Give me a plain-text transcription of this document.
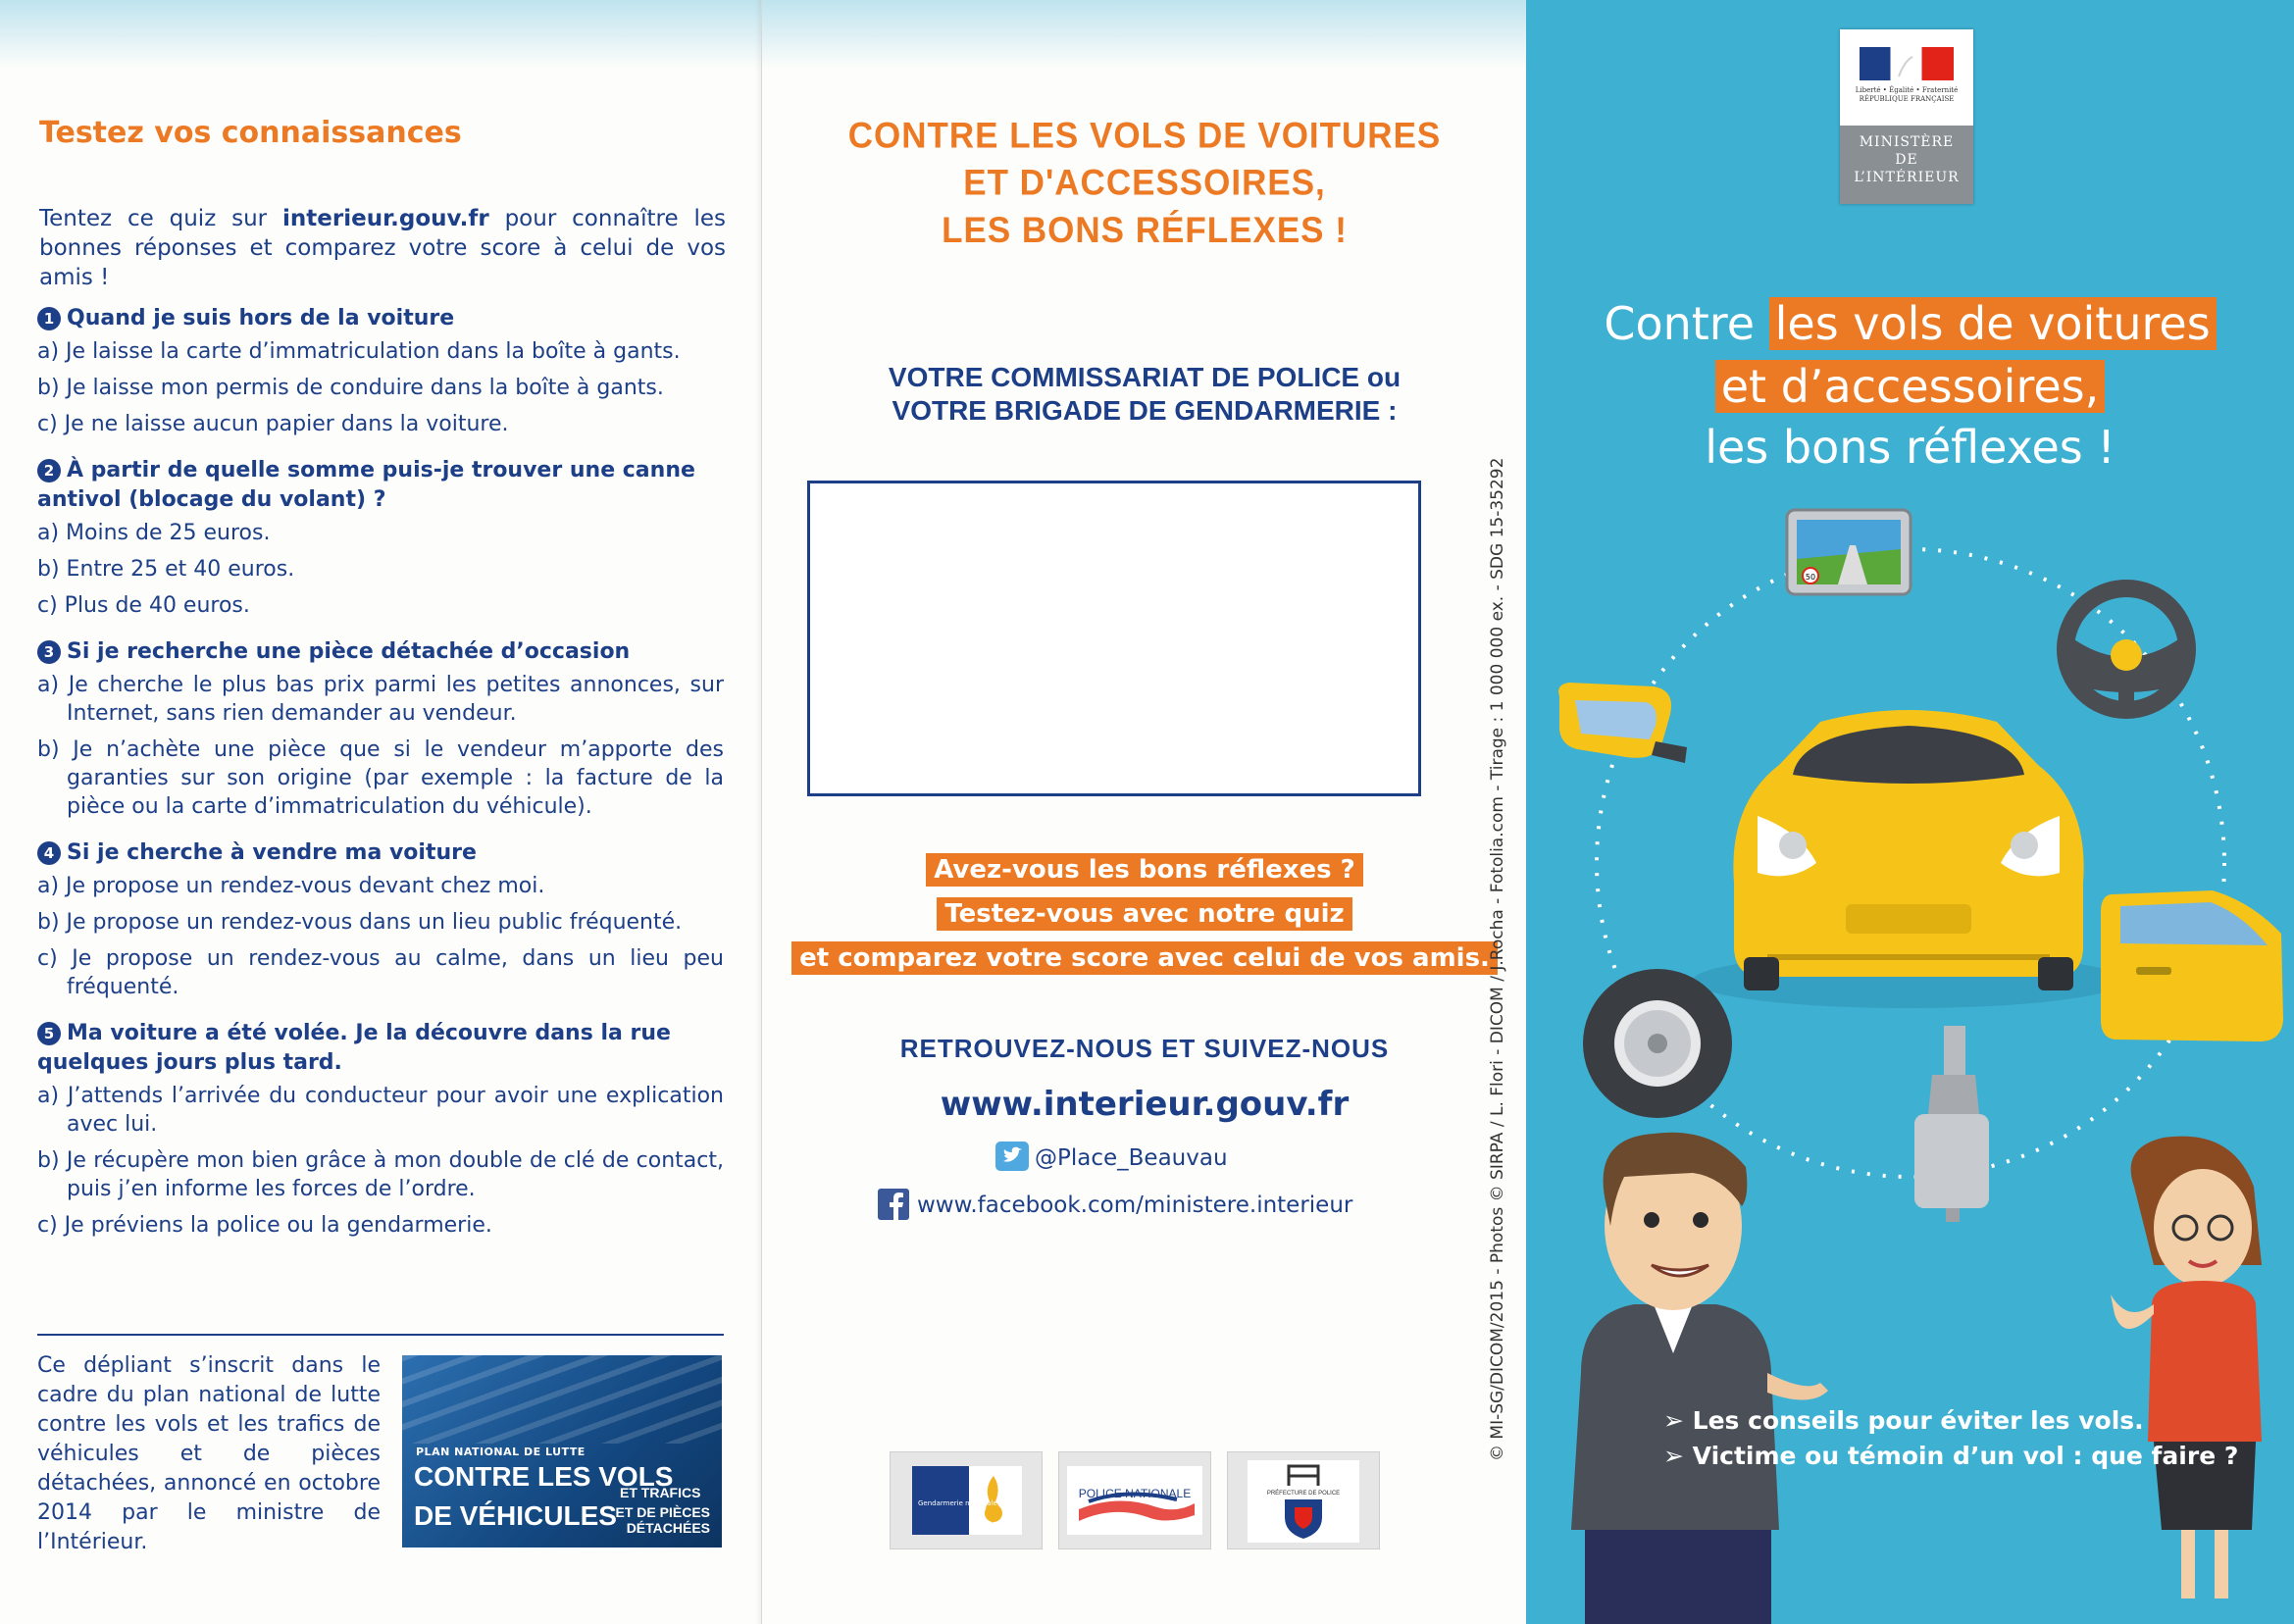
Testez vos connaissances
Tentez ce quiz sur interieur.gouv.fr pour connaître les bonnes réponses et comparez votre score à celui de vos amis !
1 Quand je suis hors de la voiture
a) Je laisse la carte d’immatriculation dans la boîte à gants.
b) Je laisse mon permis de conduire dans la boîte à gants.
c) Je ne laisse aucun papier dans la voiture.
2 À partir de quelle somme puis-je trouver une canne antivol (blocage du volant) ?
a) Moins de 25 euros.
b) Entre 25 et 40 euros.
c) Plus de 40 euros.
3 Si je recherche une pièce détachée d’occasion
a) Je cherche le plus bas prix parmi les petites annonces, sur Internet, sans rien demander au vendeur.
b) Je n’achète une pièce que si le vendeur m’apporte des garanties sur son origine (par exemple : la facture de la pièce ou la carte d’immatriculation du véhicule).
4 Si je cherche à vendre ma voiture
a) Je propose un rendez-vous devant chez moi.
b) Je propose un rendez-vous dans un lieu public fréquenté.
c) Je propose un rendez-vous au calme, dans un lieu peu fréquenté.
5 Ma voiture a été volée. Je la découvre dans la rue quelques jours plus tard.
a) J’attends l’arrivée du conducteur pour avoir une explication avec lui.
b) Je récupère mon bien grâce à mon double de clé de contact, puis j’en informe les forces de l’ordre.
c) Je préviens la police ou la gendarmerie.
Ce dépliant s’inscrit dans le cadre du plan national de lutte contre les vols et les trafics de véhicules et de pièces détachées, annoncé en octobre 2014 par le ministre de l’Intérieur.
PLAN NATIONAL DE LUTTE
CONTRE LES VOLS
ET TRAFICS
DE VÉHICULES
ET DE PIÈCES DÉTACHÉES
CONTRE LES VOLS DE VOITURES
ET D'ACCESSOIRES,
LES BONS RÉFLEXES !
VOTRE COMMISSARIAT DE POLICE ou
VOTRE BRIGADE DE GENDARMERIE :
Avez-vous les bons réflexes ?
Testez-vous avec notre quiz
et comparez votre score avec celui de vos amis.
RETROUVEZ-NOUS ET SUIVEZ-NOUS
www.interieur.gouv.fr
@Place_Beauvau
www.facebook.com/ministere.interieur
Gendarmerie nationale
POLICE NATIONALE	PRÉFECTURE DE POLICE
© MI-SG/DICOM/2015 - Photos © SIRPA / L. Flori - DICOM / J.Rocha - Fotolia.com - Tirage : 1 000 000 ex. - SDG 15-35292
Liberté • Égalité • Fraternité
RÉPUBLIQUE FRANÇAISE
MINISTÈRE
DE
L’INTÉRIEUR
Contre les vols de voitures
et d’accessoires,
les bons réflexes !
50
➢ Les conseils pour éviter les vols.
➢ Victime ou témoin d’un vol : que faire ?
